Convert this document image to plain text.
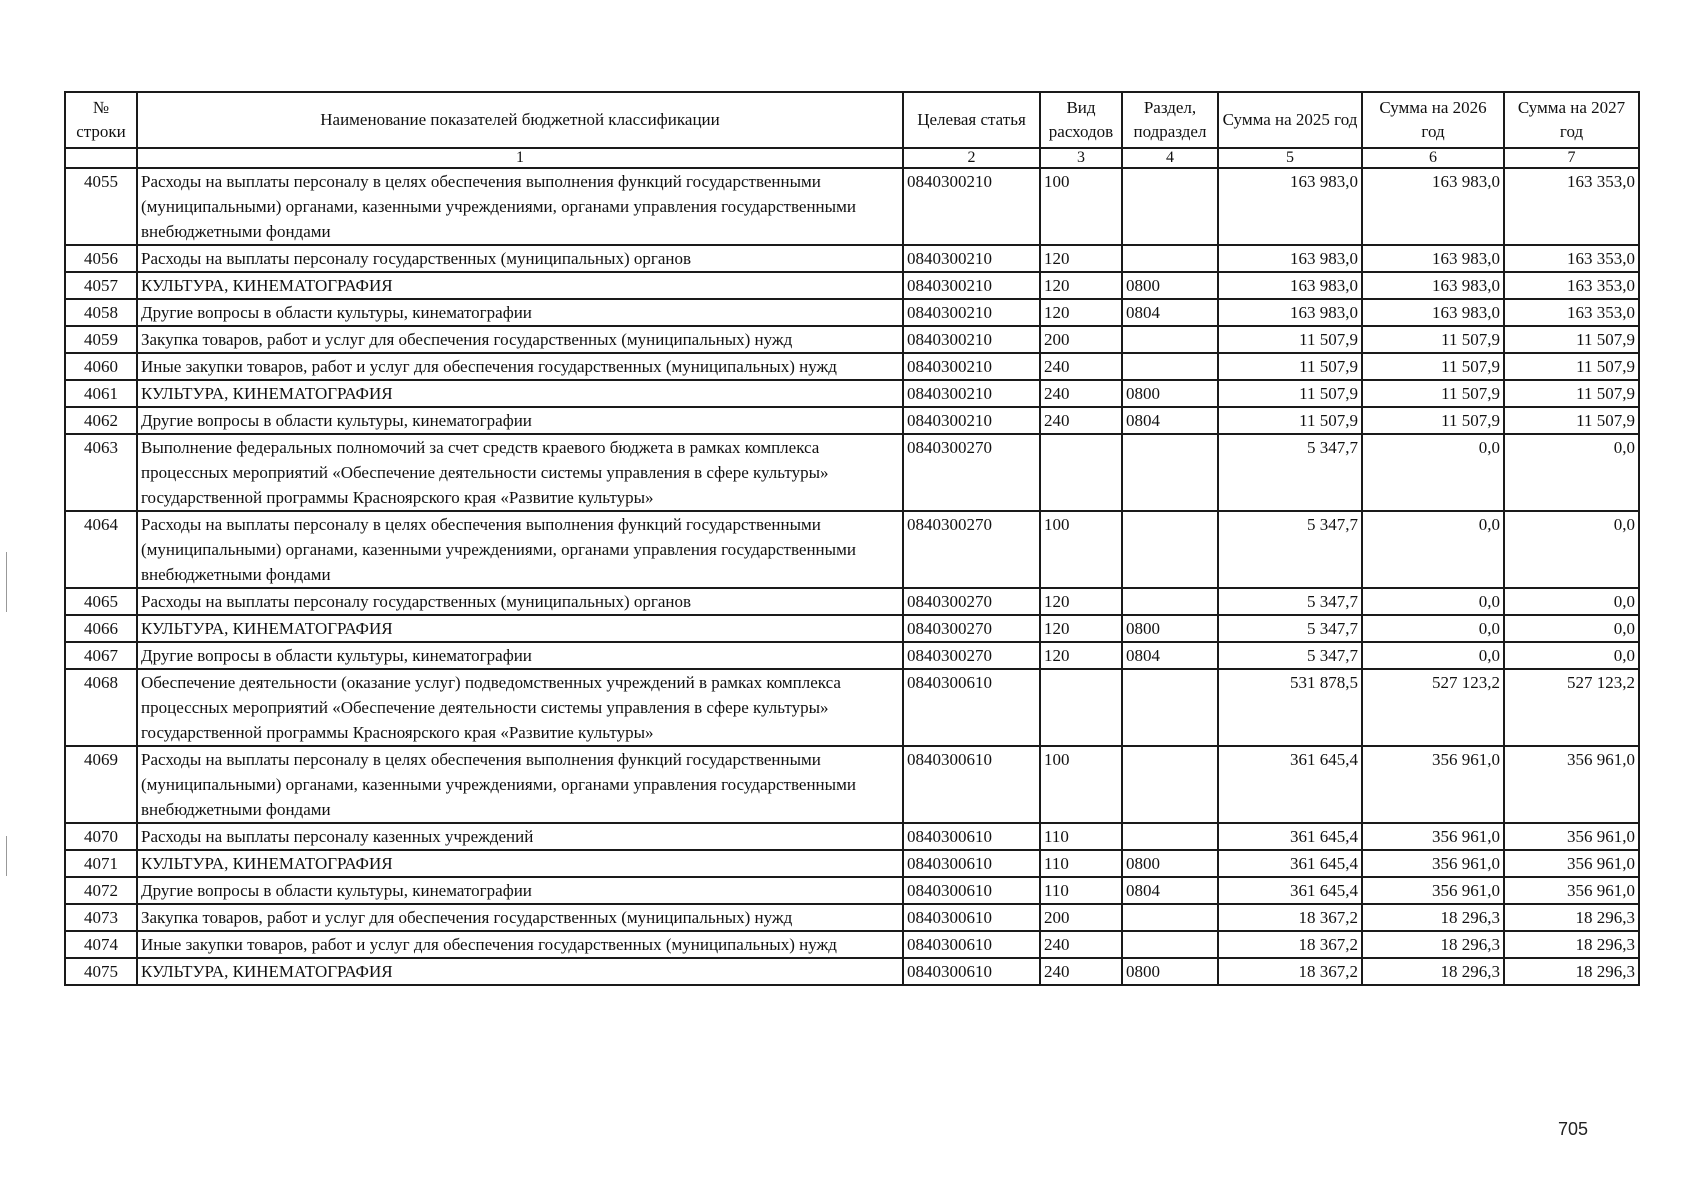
№ строки	Наименование показателей бюджетной классификации	Целевая статья	Вид расходов	Раздел, подраздел	Сумма на 2025 год	Сумма на 2026 год	Сумма на 2027 год
	1	2	3	4	5	6	7
4055	Расходы на выплаты персоналу в целях обеспечения выполнения функций государственными (муниципальными) органами, казенными учреждениями, органами управления государственными внебюджетными фондами	0840300210	100		163 983,0	163 983,0	163 353,0
4056	Расходы на выплаты персоналу государственных (муниципальных) органов	0840300210	120		163 983,0	163 983,0	163 353,0
4057	КУЛЬТУРА, КИНЕМАТОГРАФИЯ	0840300210	120	0800	163 983,0	163 983,0	163 353,0
4058	Другие вопросы в области культуры, кинематографии	0840300210	120	0804	163 983,0	163 983,0	163 353,0
4059	Закупка товаров, работ и услуг для обеспечения государственных (муниципальных) нужд	0840300210	200		11 507,9	11 507,9	11 507,9
4060	Иные закупки товаров, работ и услуг для обеспечения государственных (муниципальных) нужд	0840300210	240		11 507,9	11 507,9	11 507,9
4061	КУЛЬТУРА, КИНЕМАТОГРАФИЯ	0840300210	240	0800	11 507,9	11 507,9	11 507,9
4062	Другие вопросы в области культуры, кинематографии	0840300210	240	0804	11 507,9	11 507,9	11 507,9
4063	Выполнение федеральных полномочий за счет средств краевого бюджета в рамках комплекса процессных мероприятий «Обеспечение деятельности системы управления в сфере культуры» государственной программы Красноярского края «Развитие культуры»	0840300270			5 347,7	0,0	0,0
4064	Расходы на выплаты персоналу в целях обеспечения выполнения функций государственными (муниципальными) органами, казенными учреждениями, органами управления государственными внебюджетными фондами	0840300270	100		5 347,7	0,0	0,0
4065	Расходы на выплаты персоналу государственных (муниципальных) органов	0840300270	120		5 347,7	0,0	0,0
4066	КУЛЬТУРА, КИНЕМАТОГРАФИЯ	0840300270	120	0800	5 347,7	0,0	0,0
4067	Другие вопросы в области культуры, кинематографии	0840300270	120	0804	5 347,7	0,0	0,0
4068	Обеспечение деятельности (оказание услуг) подведомственных учреждений в рамках комплекса процессных мероприятий «Обеспечение деятельности системы управления в сфере культуры» государственной программы Красноярского края «Развитие культуры»	0840300610			531 878,5	527 123,2	527 123,2
4069	Расходы на выплаты персоналу в целях обеспечения выполнения функций государственными (муниципальными) органами, казенными учреждениями, органами управления государственными внебюджетными фондами	0840300610	100		361 645,4	356 961,0	356 961,0
4070	Расходы на выплаты персоналу казенных учреждений	0840300610	110		361 645,4	356 961,0	356 961,0
4071	КУЛЬТУРА, КИНЕМАТОГРАФИЯ	0840300610	110	0800	361 645,4	356 961,0	356 961,0
4072	Другие вопросы в области культуры, кинематографии	0840300610	110	0804	361 645,4	356 961,0	356 961,0
4073	Закупка товаров, работ и услуг для обеспечения государственных (муниципальных) нужд	0840300610	200		18 367,2	18 296,3	18 296,3
4074	Иные закупки товаров, работ и услуг для обеспечения государственных (муниципальных) нужд	0840300610	240		18 367,2	18 296,3	18 296,3
4075	КУЛЬТУРА, КИНЕМАТОГРАФИЯ	0840300610	240	0800	18 367,2	18 296,3	18 296,3
705
